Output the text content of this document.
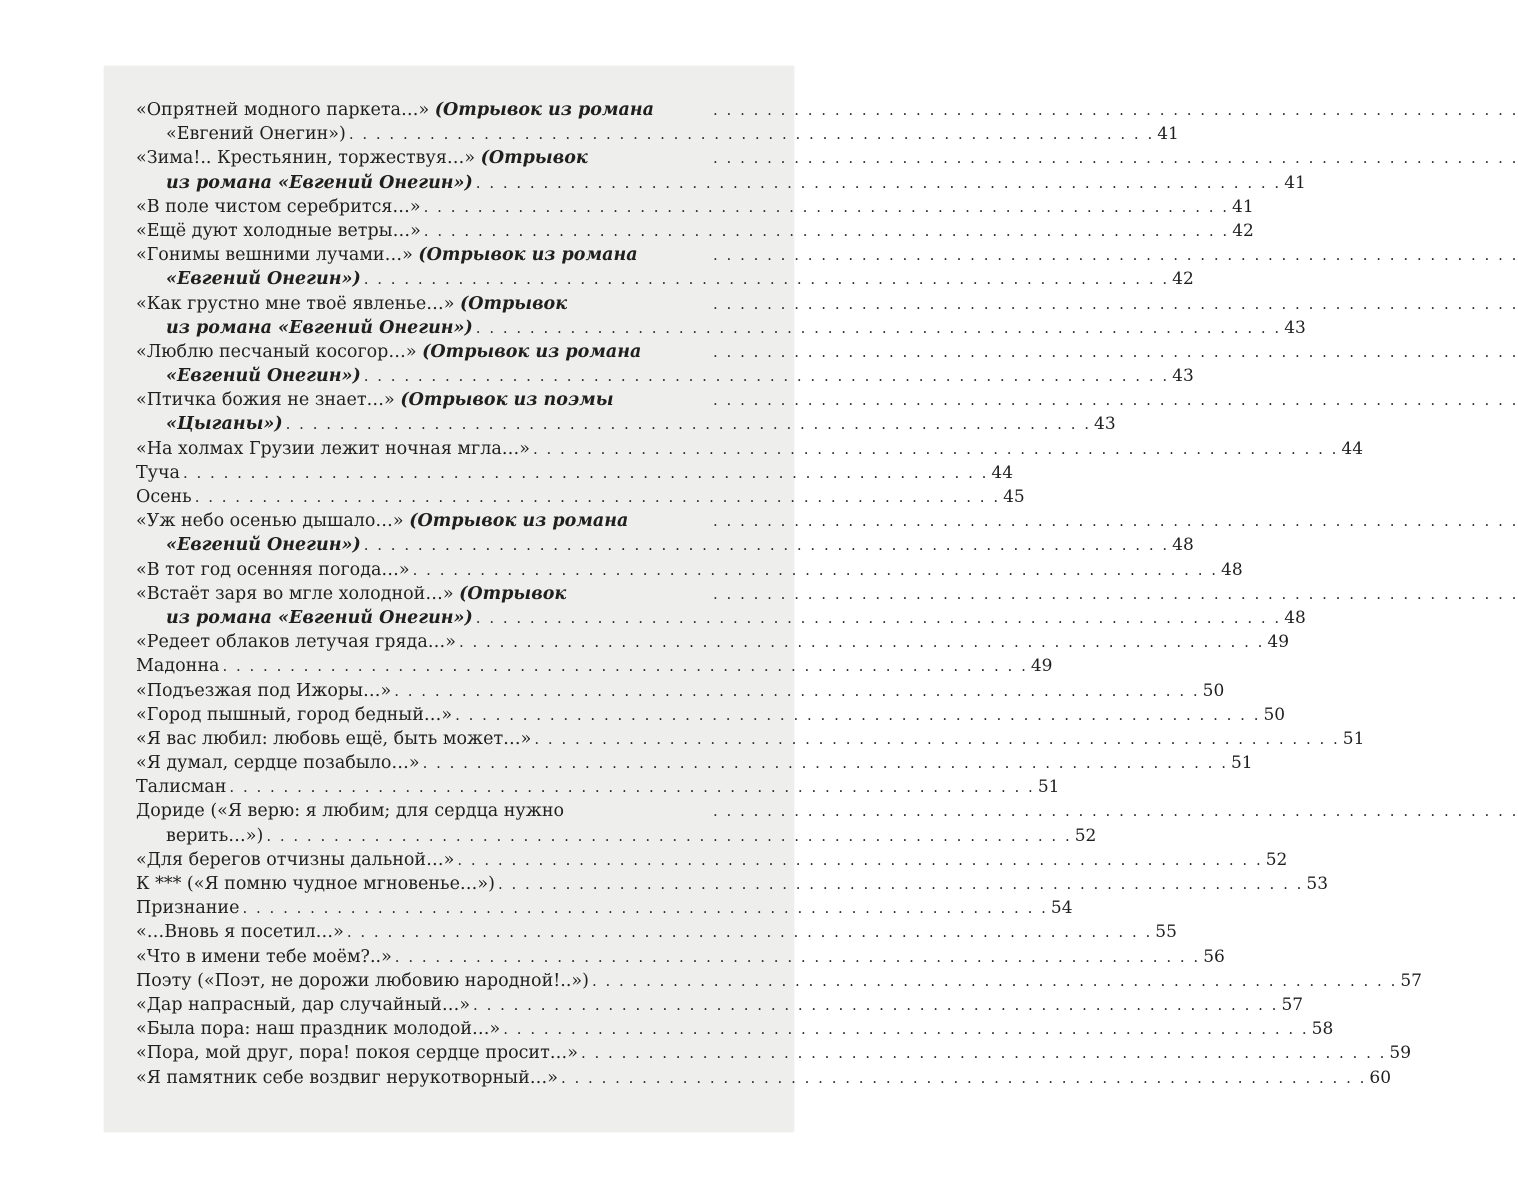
«Опрятней модного паркета…» (Отрывок из романа	. . . . . . . . . . . . . . . . . . . . . . . . . . . . . . . . . . . . . . . . . . . . . . . . . . . . . . . . . . . .
«Евгений Онегин») . . . . . . . . . . . . . . . . . . . . . . . . . . . . . . . . . . . . . . . . . . . . . . . . . . . . . . . . . . . . 41
«Зима!.. Крестьянин, торжествуя…» (Отрывок	. . . . . . . . . . . . . . . . . . . . . . . . . . . . . . . . . . . . . . . . . . . . . . . . . . . . . . . . . . . .
из романа «Евгений Онегин») . . . . . . . . . . . . . . . . . . . . . . . . . . . . . . . . . . . . . . . . . . . . . . . . . . . . . . . . . . . . 41
«В поле чистом серебрится…» . . . . . . . . . . . . . . . . . . . . . . . . . . . . . . . . . . . . . . . . . . . . . . . . . . . . . . . . . . . . 41
«Ещё дуют холодные ветры…» . . . . . . . . . . . . . . . . . . . . . . . . . . . . . . . . . . . . . . . . . . . . . . . . . . . . . . . . . . . . 42
«Гонимы вешними лучами…» (Отрывок из романа	. . . . . . . . . . . . . . . . . . . . . . . . . . . . . . . . . . . . . . . . . . . . . . . . . . . . . . . . . . . .
«Евгений Онегин») . . . . . . . . . . . . . . . . . . . . . . . . . . . . . . . . . . . . . . . . . . . . . . . . . . . . . . . . . . . . 42
«Как грустно мне твоё явленье…» (Отрывок	. . . . . . . . . . . . . . . . . . . . . . . . . . . . . . . . . . . . . . . . . . . . . . . . . . . . . . . . . . . .
из романа «Евгений Онегин») . . . . . . . . . . . . . . . . . . . . . . . . . . . . . . . . . . . . . . . . . . . . . . . . . . . . . . . . . . . . 43
«Люблю песчаный косогор…» (Отрывок из романа	. . . . . . . . . . . . . . . . . . . . . . . . . . . . . . . . . . . . . . . . . . . . . . . . . . . . . . . . . . . .
«Евгений Онегин») . . . . . . . . . . . . . . . . . . . . . . . . . . . . . . . . . . . . . . . . . . . . . . . . . . . . . . . . . . . . 43
«Птичка божия не знает…» (Отрывок из поэмы	. . . . . . . . . . . . . . . . . . . . . . . . . . . . . . . . . . . . . . . . . . . . . . . . . . . . . . . . . . . .
«Цыганы») . . . . . . . . . . . . . . . . . . . . . . . . . . . . . . . . . . . . . . . . . . . . . . . . . . . . . . . . . . . . 43
«На холмах Грузии лежит ночная мгла…» . . . . . . . . . . . . . . . . . . . . . . . . . . . . . . . . . . . . . . . . . . . . . . . . . . . . . . . . . . . . 44
Туча . . . . . . . . . . . . . . . . . . . . . . . . . . . . . . . . . . . . . . . . . . . . . . . . . . . . . . . . . . . . 44
Осень . . . . . . . . . . . . . . . . . . . . . . . . . . . . . . . . . . . . . . . . . . . . . . . . . . . . . . . . . . . . 45
«Уж небо осенью дышало…» (Отрывок из романа	. . . . . . . . . . . . . . . . . . . . . . . . . . . . . . . . . . . . . . . . . . . . . . . . . . . . . . . . . . . .
«Евгений Онегин») . . . . . . . . . . . . . . . . . . . . . . . . . . . . . . . . . . . . . . . . . . . . . . . . . . . . . . . . . . . . 48
«В тот год осенняя погода…» . . . . . . . . . . . . . . . . . . . . . . . . . . . . . . . . . . . . . . . . . . . . . . . . . . . . . . . . . . . . 48
«Встаёт заря во мгле холодной…» (Отрывок	. . . . . . . . . . . . . . . . . . . . . . . . . . . . . . . . . . . . . . . . . . . . . . . . . . . . . . . . . . . .
из романа «Евгений Онегин») . . . . . . . . . . . . . . . . . . . . . . . . . . . . . . . . . . . . . . . . . . . . . . . . . . . . . . . . . . . . 48
«Редеет облаков летучая гряда…» . . . . . . . . . . . . . . . . . . . . . . . . . . . . . . . . . . . . . . . . . . . . . . . . . . . . . . . . . . . . 49
Мадонна . . . . . . . . . . . . . . . . . . . . . . . . . . . . . . . . . . . . . . . . . . . . . . . . . . . . . . . . . . . . 49
«Подъезжая под Ижоры…» . . . . . . . . . . . . . . . . . . . . . . . . . . . . . . . . . . . . . . . . . . . . . . . . . . . . . . . . . . . . 50
«Город пышный, город бедный…» . . . . . . . . . . . . . . . . . . . . . . . . . . . . . . . . . . . . . . . . . . . . . . . . . . . . . . . . . . . . 50
«Я вас любил: любовь ещё, быть может…» . . . . . . . . . . . . . . . . . . . . . . . . . . . . . . . . . . . . . . . . . . . . . . . . . . . . . . . . . . . . 51
«Я думал, сердце позабыло…» . . . . . . . . . . . . . . . . . . . . . . . . . . . . . . . . . . . . . . . . . . . . . . . . . . . . . . . . . . . . 51
Талисман . . . . . . . . . . . . . . . . . . . . . . . . . . . . . . . . . . . . . . . . . . . . . . . . . . . . . . . . . . . . 51
Дориде («Я верю: я любим; для сердца нужно	. . . . . . . . . . . . . . . . . . . . . . . . . . . . . . . . . . . . . . . . . . . . . . . . . . . . . . . . . . . .
верить…») . . . . . . . . . . . . . . . . . . . . . . . . . . . . . . . . . . . . . . . . . . . . . . . . . . . . . . . . . . . . 52
«Для берегов отчизны дальной…» . . . . . . . . . . . . . . . . . . . . . . . . . . . . . . . . . . . . . . . . . . . . . . . . . . . . . . . . . . . . 52
К *** («Я помню чудное мгновенье…») . . . . . . . . . . . . . . . . . . . . . . . . . . . . . . . . . . . . . . . . . . . . . . . . . . . . . . . . . . . . 53
Признание . . . . . . . . . . . . . . . . . . . . . . . . . . . . . . . . . . . . . . . . . . . . . . . . . . . . . . . . . . . . 54
«…Вновь я посетил…» . . . . . . . . . . . . . . . . . . . . . . . . . . . . . . . . . . . . . . . . . . . . . . . . . . . . . . . . . . . . 55
«Что в имени тебе моём?..» . . . . . . . . . . . . . . . . . . . . . . . . . . . . . . . . . . . . . . . . . . . . . . . . . . . . . . . . . . . . 56
Поэту («Поэт, не дорожи любовию народной!..») . . . . . . . . . . . . . . . . . . . . . . . . . . . . . . . . . . . . . . . . . . . . . . . . . . . . . . . . . . . . 57
«Дар напрасный, дар случайный…» . . . . . . . . . . . . . . . . . . . . . . . . . . . . . . . . . . . . . . . . . . . . . . . . . . . . . . . . . . . . 57
«Была пора: наш праздник молодой…» . . . . . . . . . . . . . . . . . . . . . . . . . . . . . . . . . . . . . . . . . . . . . . . . . . . . . . . . . . . . 58
«Пора, мой друг, пора! покоя сердце просит…» . . . . . . . . . . . . . . . . . . . . . . . . . . . . . . . . . . . . . . . . . . . . . . . . . . . . . . . . . . . . 59
«Я памятник себе воздвиг нерукотворный…» . . . . . . . . . . . . . . . . . . . . . . . . . . . . . . . . . . . . . . . . . . . . . . . . . . . . . . . . . . . . 60
